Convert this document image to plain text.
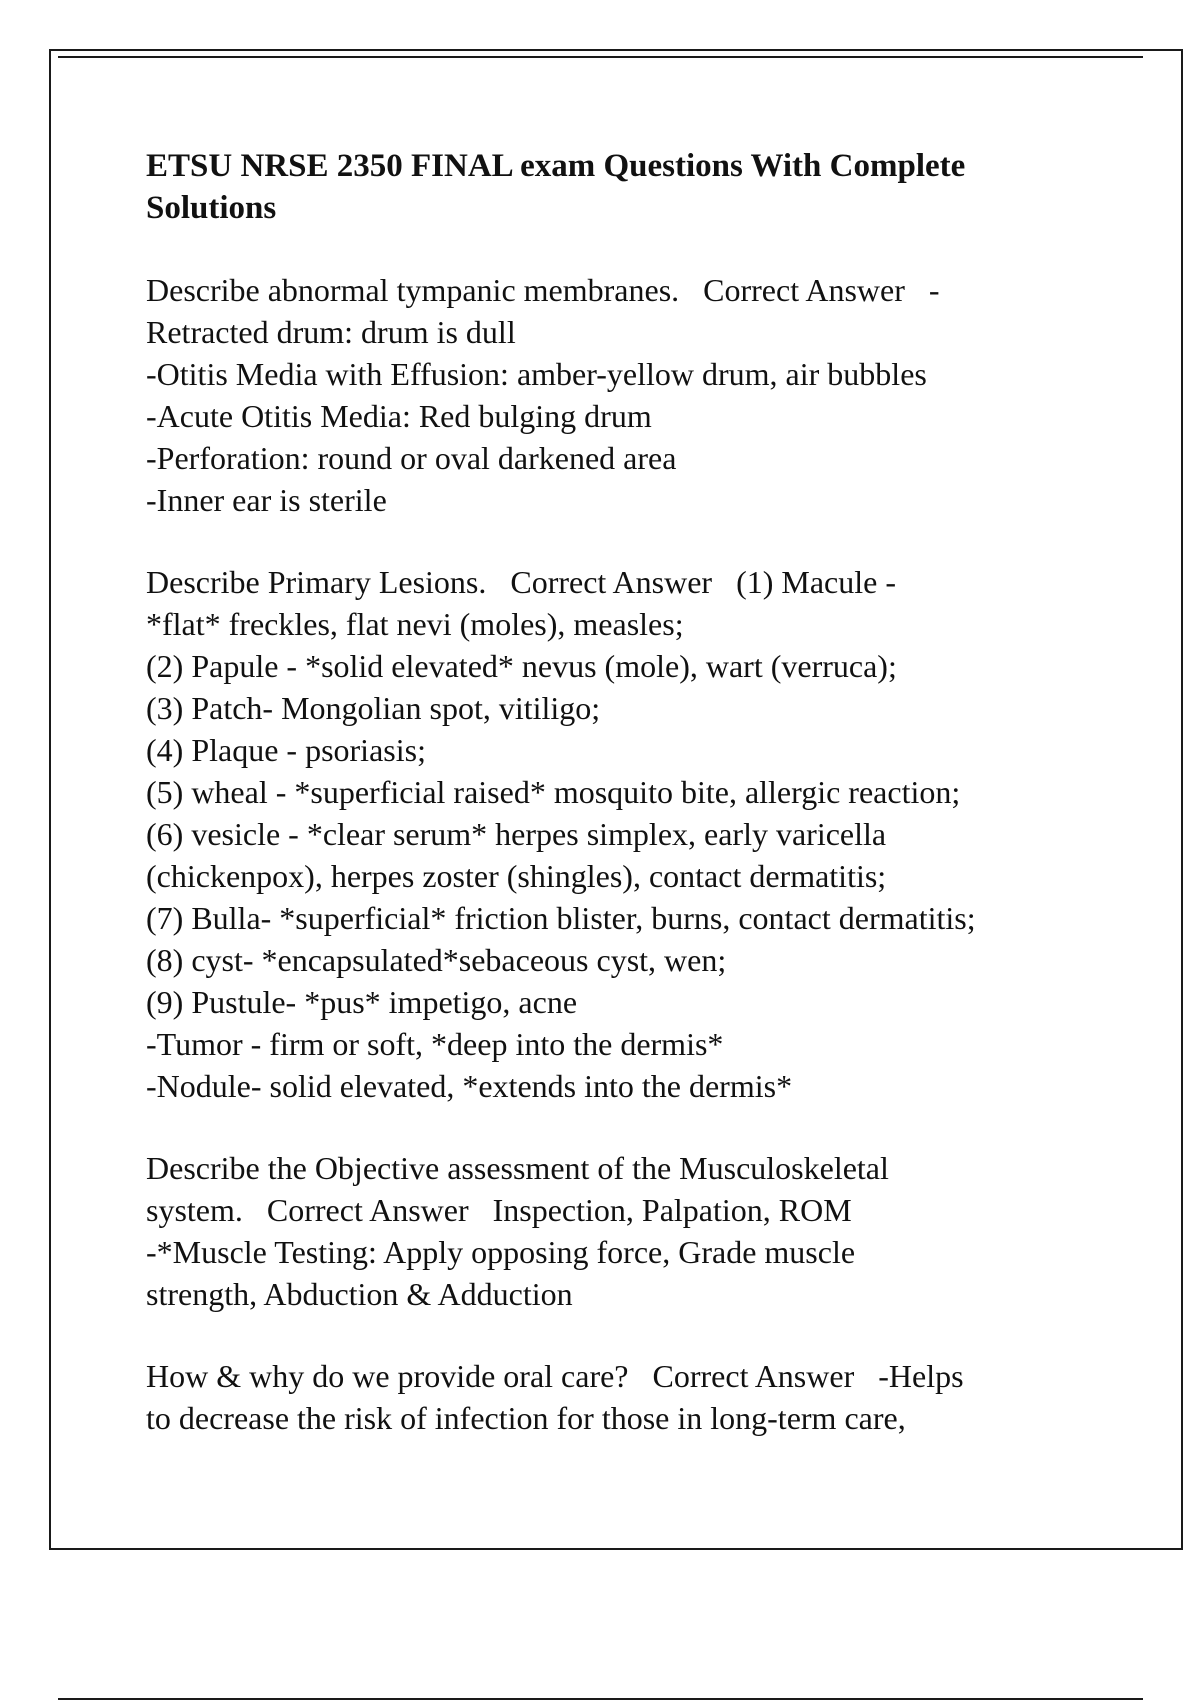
ETSU NRSE 2350 FINAL exam Questions With Complete
Solutions
Describe abnormal tympanic membranes.   Correct Answer   -
Retracted drum: drum is dull
-Otitis Media with Effusion: amber-yellow drum, air bubbles
-Acute Otitis Media: Red bulging drum
-Perforation: round or oval darkened area
-Inner ear is sterile
Describe Primary Lesions.   Correct Answer   (1) Macule -
*flat* freckles, flat nevi (moles), measles;
(2) Papule - *solid elevated* nevus (mole), wart (verruca);
(3) Patch- Mongolian spot, vitiligo;
(4) Plaque - psoriasis;
(5) wheal - *superficial raised* mosquito bite, allergic reaction;
(6) vesicle - *clear serum* herpes simplex, early varicella
(chickenpox), herpes zoster (shingles), contact dermatitis;
(7) Bulla- *superficial* friction blister, burns, contact dermatitis;
(8) cyst- *encapsulated*sebaceous cyst, wen;
(9) Pustule- *pus* impetigo, acne
-Tumor - firm or soft, *deep into the dermis*
-Nodule- solid elevated, *extends into the dermis*
Describe the Objective assessment of the Musculoskeletal
system.   Correct Answer   Inspection, Palpation, ROM
-*Muscle Testing: Apply opposing force, Grade muscle
strength, Abduction & Adduction
How & why do we provide oral care?   Correct Answer   -Helps
to decrease the risk of infection for those in long-term care,
